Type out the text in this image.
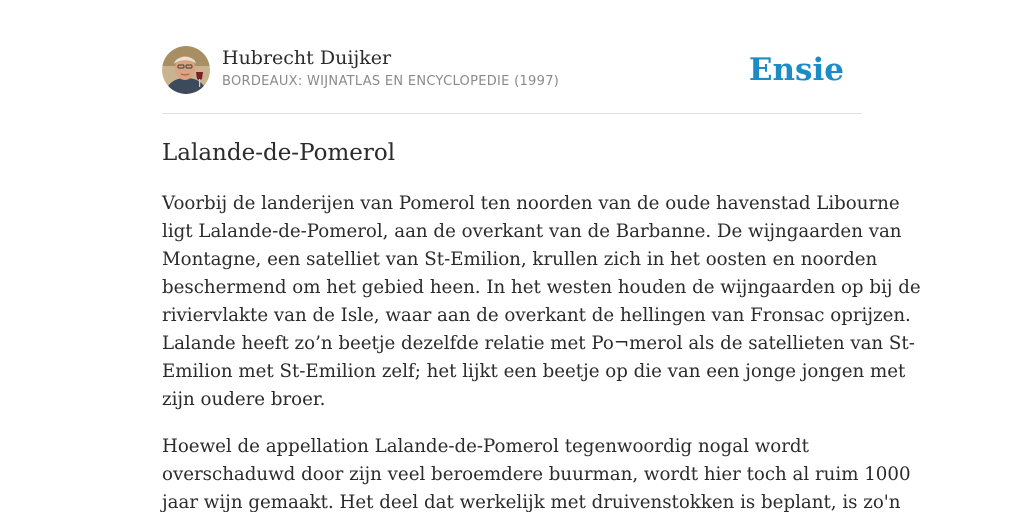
Hubrecht Duijker
BORDEAUX: WIJNATLAS EN ENCYCLOPEDIE (1997)	Ensie
Lalande-de-Pomerol

Voorbij de landerijen van Pomerol ten noorden van de oude havenstad Libourne
ligt Lalande-de-Pomerol, aan de overkant van de Barbanne. De wijngaarden van
Montagne, een satelliet van St-Emilion, krullen zich in het oosten en noorden
beschermend om het gebied heen. In het westen houden de wijngaarden op bij de
riviervlakte van de Isle, waar aan de overkant de hellingen van Fronsac oprijzen.
Lalande heeft zo’n beetje dezelfde relatie met Po¬merol als de satellieten van St-
Emilion met St-Emilion zelf; het lijkt een beetje op die van een jonge jongen met
zijn oudere broer.

Hoewel de appellation Lalande-de-Pomerol tegenwoordig nogal wordt
overschaduwd door zijn veel beroemdere buurman, wordt hier toch al ruim 1000
jaar wijn gemaakt. Het deel dat werkelijk met druivenstokken is beplant, is zo'n
